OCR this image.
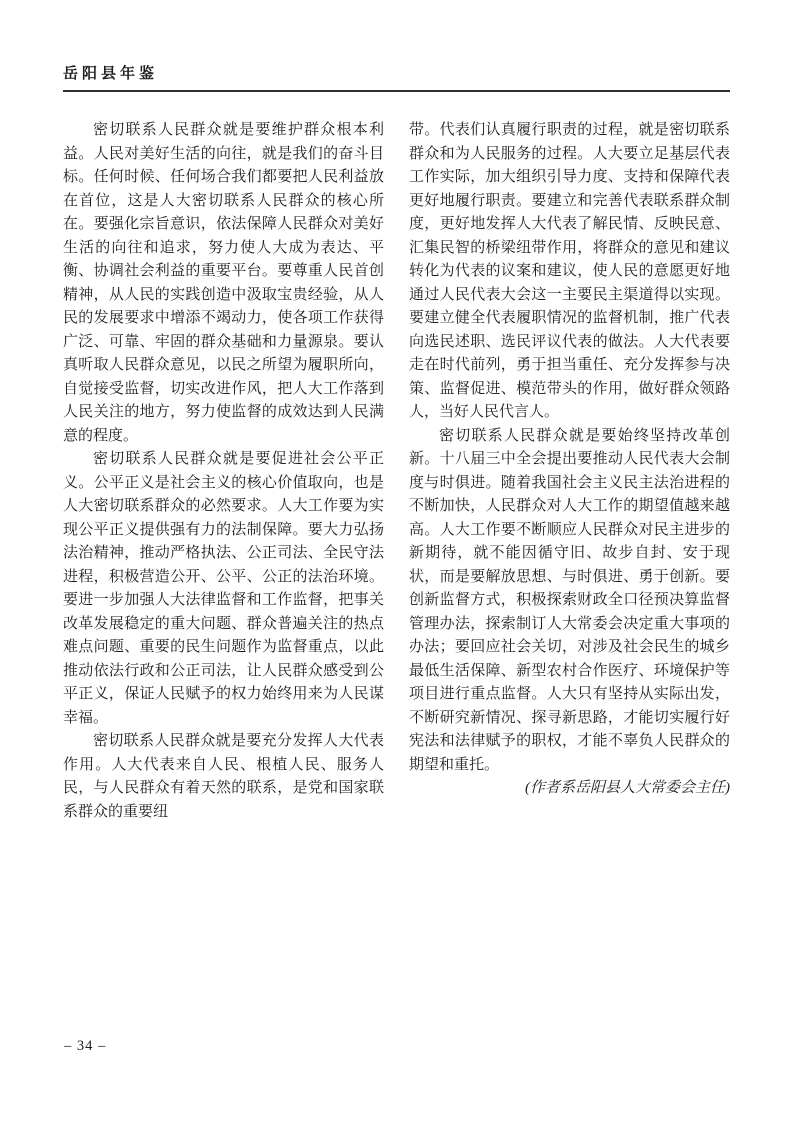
岳阳县年鉴

密切联系人民群众就是要维护群众根本利益。人民对美好生活的向往，就是我们的奋斗目标。任何时候、任何场合我们都要把人民利益放在首位，这是人大密切联系人民群众的核心所在。要强化宗旨意识，依法保障人民群众对美好生活的向往和追求，努力使人大成为表达、平衡、协调社会利益的重要平台。要尊重人民首创精神，从人民的实践创造中汲取宝贵经验，从人民的发展要求中增添不竭动力，使各项工作获得广泛、可靠、牢固的群众基础和力量源泉。要认真听取人民群众意见，以民之所望为履职所向，自觉接受监督，切实改进作风，把人大工作落到人民关注的地方，努力使监督的成效达到人民满意的程度。

密切联系人民群众就是要促进社会公平正义。公平正义是社会主义的核心价值取向，也是人大密切联系群众的必然要求。人大工作要为实现公平正义提供强有力的法制保障。要大力弘扬法治精神，推动严格执法、公正司法、全民守法进程，积极营造公开、公平、公正的法治环境。要进一步加强人大法律监督和工作监督，把事关改革发展稳定的重大问题、群众普遍关注的热点难点问题、重要的民生问题作为监督重点，以此推动依法行政和公正司法，让人民群众感受到公平正义，保证人民赋予的权力始终用来为人民谋幸福。

密切联系人民群众就是要充分发挥人大代表作用。人大代表来自人民、根植人民、服务人民，与人民群众有着天然的联系，是党和国家联系群众的重要纽

带。代表们认真履行职责的过程，就是密切联系群众和为人民服务的过程。人大要立足基层代表工作实际，加大组织引导力度、支持和保障代表更好地履行职责。要建立和完善代表联系群众制度，更好地发挥人大代表了解民情、反映民意、汇集民智的桥梁纽带作用，将群众的意见和建议转化为代表的议案和建议，使人民的意愿更好地通过人民代表大会这一主要民主渠道得以实现。要建立健全代表履职情况的监督机制，推广代表向选民述职、选民评议代表的做法。人大代表要走在时代前列，勇于担当重任、充分发挥参与决策、监督促进、模范带头的作用，做好群众领路人，当好人民代言人。

密切联系人民群众就是要始终坚持改革创新。十八届三中全会提出要推动人民代表大会制度与时俱进。随着我国社会主义民主法治进程的不断加快，人民群众对人大工作的期望值越来越高。人大工作要不断顺应人民群众对民主进步的新期待，就不能因循守旧、故步自封、安于现状，而是要解放思想、与时俱进、勇于创新。要创新监督方式，积极探索财政全口径预决算监督管理办法，探索制订人大常委会决定重大事项的办法；要回应社会关切，对涉及社会民生的城乡最低生活保障、新型农村合作医疗、环境保护等项目进行重点监督。人大只有坚持从实际出发，不断研究新情况、探寻新思路，才能切实履行好宪法和法律赋予的职权，才能不辜负人民群众的期望和重托。

(作者系岳阳县人大常委会主任)

– 34 –
